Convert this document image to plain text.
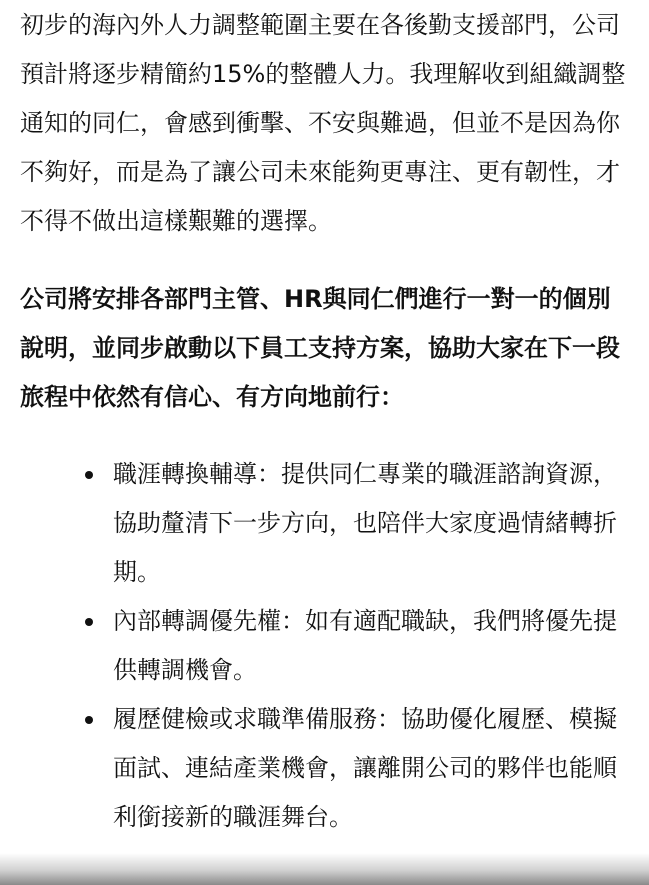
初步的海內外人力調整範圍主要在各後勤支援部門，公司預計將逐步精簡約15%的整體人力。我理解收到組織調整通知的同仁，會感到衝擊、不安與難過，但並不是因為你不夠好，而是為了讓公司未來能夠更專注、更有韌性，才不得不做出這樣艱難的選擇。

公司將安排各部門主管、HR與同仁們進行一對一的個別說明，並同步啟動以下員工支持方案，協助大家在下一段旅程中依然有信心、有方向地前行：

職涯轉換輔導：提供同仁專業的職涯諮詢資源，協助釐清下一步方向，也陪伴大家度過情緒轉折期。
內部轉調優先權：如有適配職缺，我們將優先提供轉調機會。
履歷健檢或求職準備服務：協助優化履歷、模擬面試、連結產業機會，讓離開公司的夥伴也能順利銜接新的職涯舞台。
